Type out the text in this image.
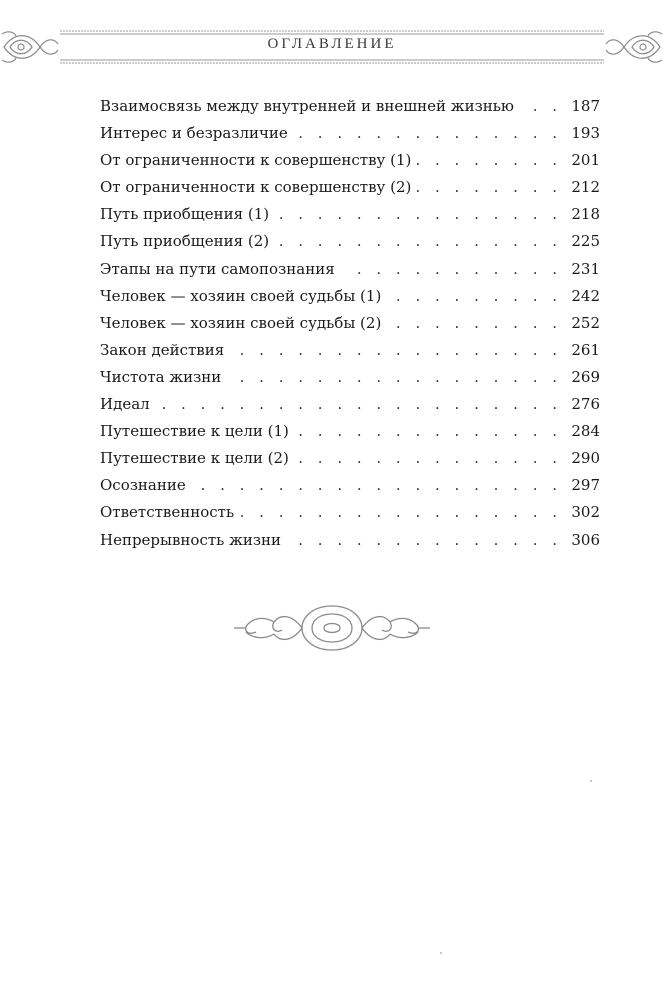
ОГЛАВЛЕНИЕ
Взаимосвязь между внутренней и внешней жизнью . . .	187
Интерес и безразличие . . .	193
От ограниченности к совершенству (1) . . .	201
От ограниченности к совершенству (2) . . .	212
Путь приобщения (1) . . .	218
Путь приобщения (2) . . .	225
Этапы на пути самопознания . . .	231
Человек — хозяин своей судьбы (1) . . .	242
Человек — хозяин своей судьбы (2) . . .	252
Закон действия . . .	261
Чистота жизни . . .	269
Идеал . . .	276
Путешествие к цели (1) . . .	284
Путешествие к цели (2) . . .	290
Осознание . . .	297
Ответственность . . .	302
Непрерывность жизни . . .	306
